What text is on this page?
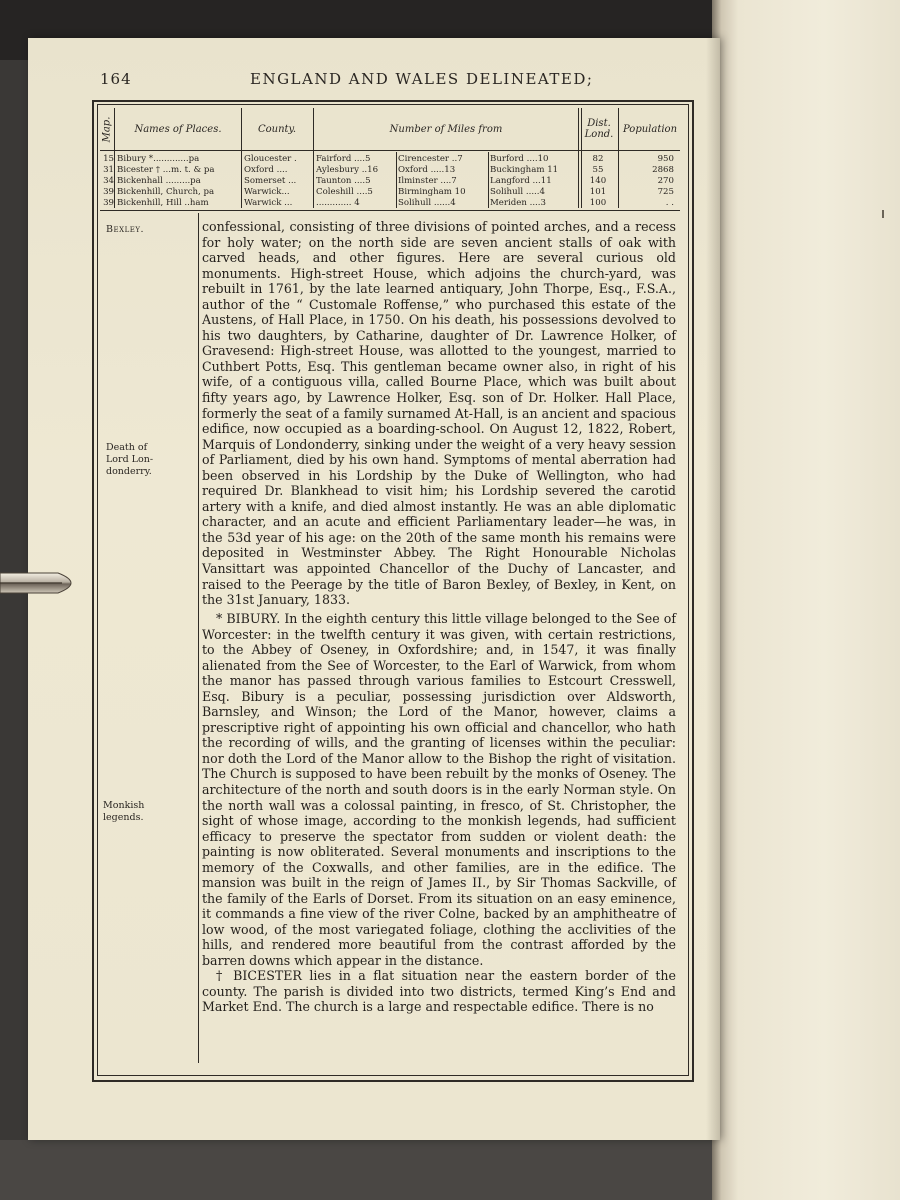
164	ENGLAND AND WALES DELINEATED;
Map.	Names of Places.	County.	Number of Miles from	Dist. Lond. Population
15 Bibury *.............pa	Gloucester .	Fairford ....5	Cirencester ..7	Burford ....10	82	950
31 Bicester † ...m. t. & pa	Oxford ....	Aylesbury ..16	Oxford .....13	Buckingham 11	55	2868
34 Bickenhall .........pa	Somerset ...	Taunton ....5	Ilminster ....7	Langford ...11	140	270
39 Bickenhill, Church, pa	Warwick...	Coleshill ....5	Birmingham 10	Solihull .....4	101	725
39 Bickenhill, Hill ..ham	Warwick ...	............. 4	Solihull ......4	Meriden ....3	100	. .
Bexley.
Death of
Lord Lon-
donderry.
Monkish
legends.
confessional, consisting of three divisions of pointed arches, and a recess for holy water; on the north side are seven ancient stalls of oak with carved heads, and other figures. Here are several curious old monuments. High-street House, which adjoins the church-yard, was rebuilt in 1761, by the late learned antiquary, John Thorpe, Esq., F.S.A., author of the “ Customale Roffense,” who purchased this estate of the Austens, of Hall Place, in 1750. On his death, his possessions devolved to his two daughters, by Catharine, daughter of Dr. Lawrence Holker, of Gravesend: High-street House, was allotted to the youngest, married to Cuthbert Potts, Esq. This gentleman became owner also, in right of his wife, of a contiguous villa, called Bourne Place, which was built about fifty years ago, by Lawrence Holker, Esq. son of Dr. Holker. Hall Place, formerly the seat of a family surnamed At-Hall, is an ancient and spacious edifice, now occupied as a boarding-school. On August 12, 1822, Robert, Marquis of Londonderry, sinking under the weight of a very heavy session of Parliament, died by his own hand. Symptoms of mental aberration had been observed in his Lordship by the Duke of Wellington, who had required Dr. Blankhead to visit him; his Lordship severed the carotid artery with a knife, and died almost instantly. He was an able diplomatic character, and an acute and efficient Parliamentary leader—he was, in the 53d year of his age: on the 20th of the same month his remains were deposited in Westminster Abbey. The Right Honourable Nicholas Vansittart was appointed Chancellor of the Duchy of Lancaster, and raised to the Peerage by the title of Baron Bexley, of Bexley, in Kent, on the 31st January, 1833.
* BIBURY. In the eighth century this little village belonged to the See of Worcester: in the twelfth century it was given, with certain restrictions, to the Abbey of Oseney, in Oxfordshire; and, in 1547, it was finally alienated from the See of Worcester, to the Earl of Warwick, from whom the manor has passed through various families to Estcourt Cresswell, Esq. Bibury is a peculiar, possessing jurisdiction over Aldsworth, Barnsley, and Winson; the Lord of the Manor, however, claims a prescriptive right of appointing his own official and chancellor, who hath the recording of wills, and the granting of licenses within the peculiar: nor doth the Lord of the Manor allow to the Bishop the right of visitation. The Church is supposed to have been rebuilt by the monks of Oseney. The architecture of the north and south doors is in the early Norman style. On the north wall was a colossal painting, in fresco, of St. Christopher, the sight of whose image, according to the monkish legends, had sufficient efficacy to preserve the spectator from sudden or violent death: the painting is now obliterated. Several monuments and inscriptions to the memory of the Coxwalls, and other families, are in the edifice. The mansion was built in the reign of James II., by Sir Thomas Sackville, of the family of the Earls of Dorset. From its situation on an easy eminence, it commands a fine view of the river Colne, backed by an amphitheatre of low wood, of the most variegated foliage, clothing the acclivities of the hills, and rendered more beautiful from the contrast afforded by the barren downs which appear in the distance.
† BICESTER lies in a flat situation near the eastern border of the county. The parish is divided into two districts, termed King’s End and Market End. The church is a large and respectable edifice. There is no
